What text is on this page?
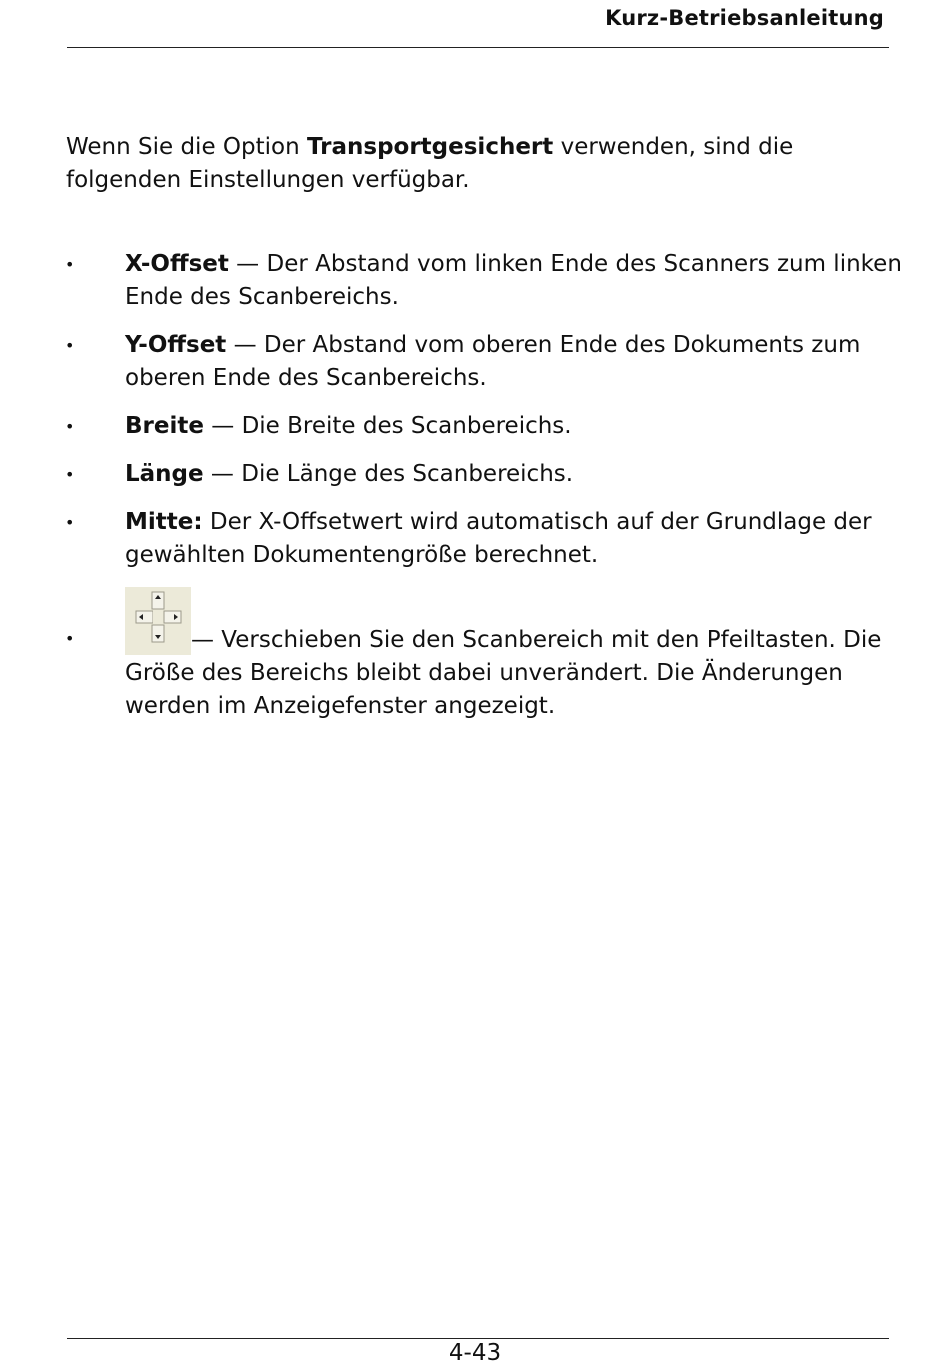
Kurz-Betriebsanleitung

Wenn Sie die Option Transportgesichert verwenden, sind die folgenden Einstellungen verfügbar.

• X-Offset — Der Abstand vom linken Ende des Scanners zum linken Ende des Scanbereichs.
• Y-Offset — Der Abstand vom oberen Ende des Dokuments zum oberen Ende des Scanbereichs.
• Breite — Die Breite des Scanbereichs.
• Länge — Die Länge des Scanbereichs.
• Mitte: Der X-Offsetwert wird automatisch auf der Grundlage der gewählten Dokumentengröße berechnet.
•	— Verschieben Sie den Scanbereich mit den Pfeiltasten. Die Größe des Bereichs bleibt dabei unverändert. Die Änderungen werden im Anzeigefenster angezeigt.
4-43
